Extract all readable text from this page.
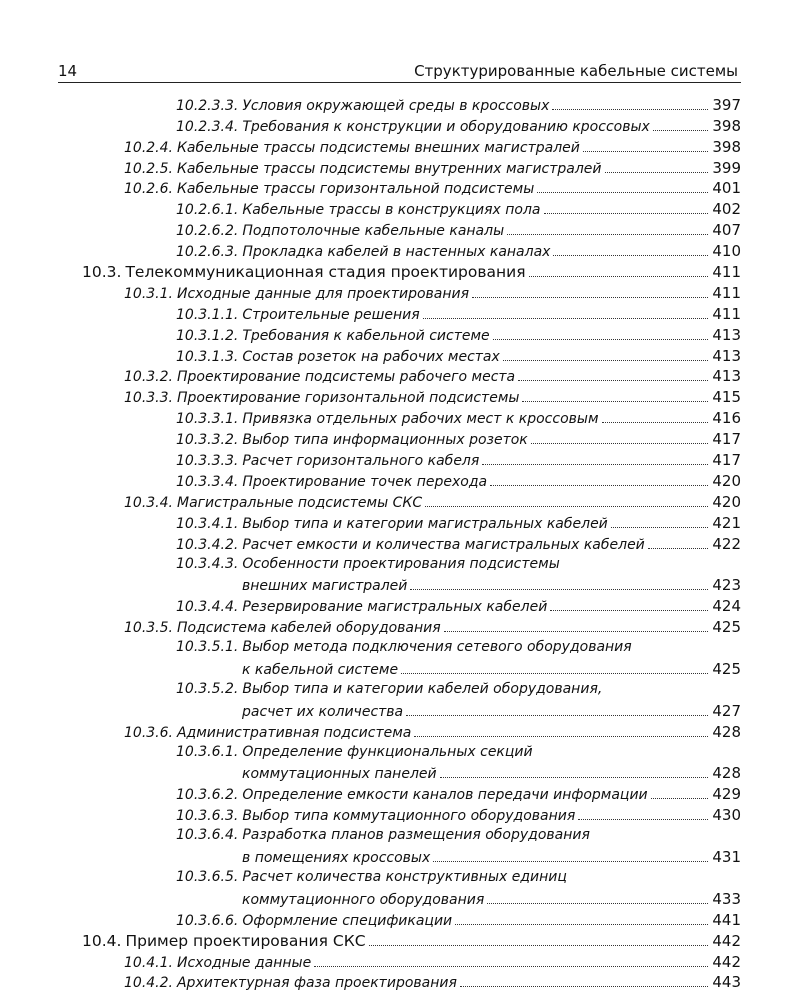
14	Структурированные кабельные системы
10.2.3.3. Условия окружающей среды в кроссовых	397
10.2.3.4. Требования к конструкции и оборудованию кроссовых	398
10.2.4. Кабельные трассы подсистемы внешних магистралей	398
10.2.5. Кабельные трассы подсистемы внутренних магистралей	399
10.2.6. Кабельные трассы горизонтальной подсистемы	401
10.2.6.1. Кабельные трассы в конструкциях пола	402
10.2.6.2. Подпотолочные кабельные каналы	407
10.2.6.3. Прокладка кабелей в настенных каналах	410
10.3. Телекоммуникационная стадия проектирования	411
10.3.1. Исходные данные для проектирования	411
10.3.1.1. Строительные решения	411
10.3.1.2. Требования к кабельной системе	413
10.3.1.3. Состав розеток на рабочих местах	413
10.3.2. Проектирование подсистемы рабочего места	413
10.3.3. Проектирование горизонтальной подсистемы	415
10.3.3.1. Привязка отдельных рабочих мест к кроссовым	416
10.3.3.2. Выбор типа информационных розеток	417
10.3.3.3. Расчет горизонтального кабеля	417
10.3.3.4. Проектирование точек перехода	420
10.3.4. Магистральные подсистемы СКС	420
10.3.4.1. Выбор типа и категории магистральных кабелей	421
10.3.4.2. Расчет емкости и количества магистральных кабелей	422
10.3.4.3. Особенности проектирования подсистемы
внешних магистралей	423
10.3.4.4. Резервирование магистральных кабелей	424
10.3.5. Подсистема кабелей оборудования	425
10.3.5.1. Выбор метода подключения сетевого оборудования
к кабельной системе	425
10.3.5.2. Выбор типа и категории кабелей оборудования,
расчет их количества	427
10.3.6. Административная подсистема	428
10.3.6.1. Определение функциональных секций
коммутационных панелей	428
10.3.6.2. Определение емкости каналов передачи информации	429
10.3.6.3. Выбор типа коммутационного оборудования	430
10.3.6.4. Разработка планов размещения оборудования
в помещениях кроссовых	431
10.3.6.5. Расчет количества конструктивных единиц
коммутационного оборудования	433
10.3.6.6. Оформление спецификации	441
10.4. Пример проектирования СКС	442
10.4.1. Исходные данные	442
10.4.2. Архитектурная фаза проектирования	443
